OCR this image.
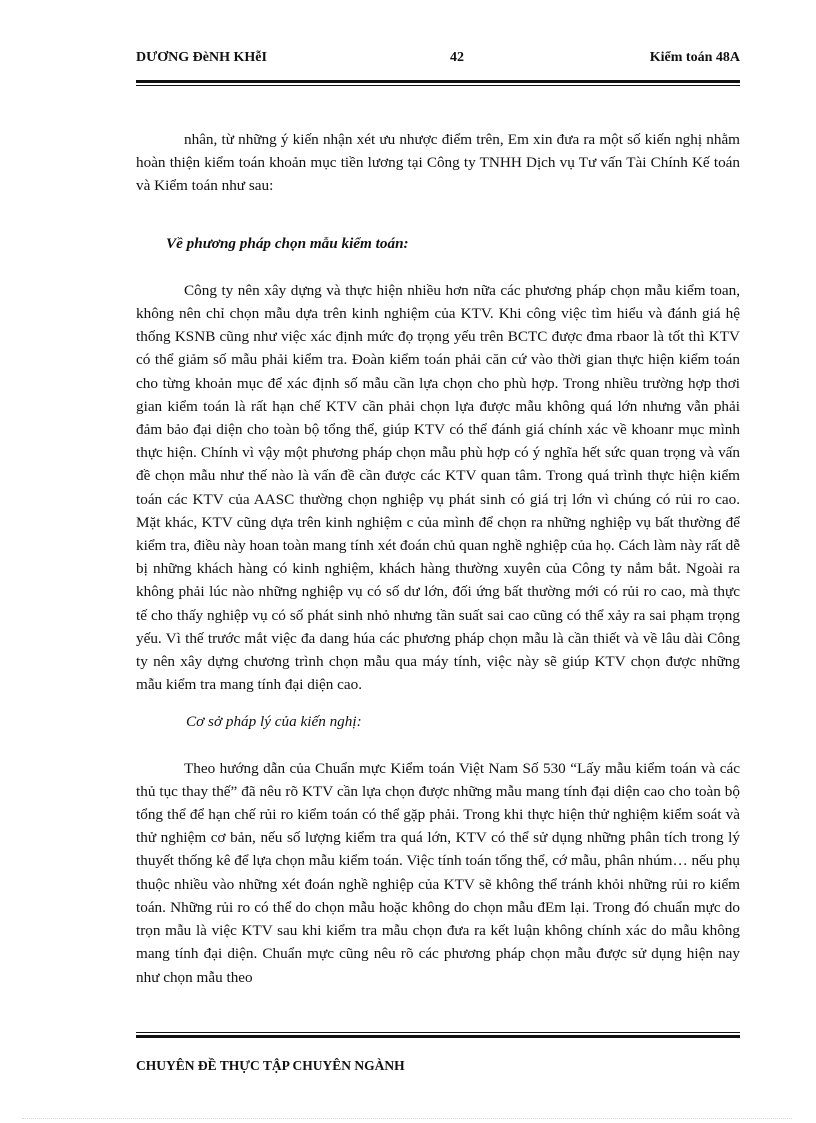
DƯƠNG ĐèNH KHễI	42	Kiểm toán 48A

nhân, từ những ý kiến nhận xét ưu nhược điểm trên, Em xin đưa ra một số kiến nghị nhằm hoàn thiện kiểm toán khoản mục tiền lương tại Công ty TNHH Dịch vụ Tư vấn Tài Chính Kế toán và Kiểm toán như sau:

Về phương pháp chọn mẫu kiểm toán:

Công ty nên xây dựng và thực hiện nhiều hơn nữa các phương pháp chọn mẫu kiểm toan, không nên chỉ chọn mẫu dựa trên kinh nghiệm của KTV. Khi công việc tìm hiểu và đánh giá hệ thống KSNB cũng như việc xác định mức đọ trọng yếu trên BCTC được đma rbaor là tốt thì KTV có thể giảm số mẫu phải kiểm tra. Đoàn kiểm toán phải căn cứ vào thời gian thực hiện kiểm toán cho từng khoản mục để xác định số mẫu cần lựa chọn cho phù hợp. Trong nhiều trường hợp thơi gian kiểm toán là rất hạn chế KTV cần phải chọn lựa được mẫu không quá lớn nhưng vẫn phải đảm bảo đại diện cho toàn bộ tổng thể, giúp KTV có thể đánh giá chính xác về khoanr mục mình thực hiện. Chính vì vậy một phương pháp chọn mẫu phù hợp có ý nghĩa hết sức quan trọng và vấn đề chọn mẫu như thế nào là vấn đề cần được các KTV quan tâm. Trong quá trình thực hiện kiểm toán các KTV của AASC thường chọn nghiệp vụ phát sinh có giá trị lớn vì chúng có rủi ro cao. Mặt khác, KTV cũng dựa trên kinh nghiệm c của mình để chọn ra những nghiệp vụ bất thường để kiểm tra, điều này hoan toàn mang tính xét đoán chủ quan nghề nghiệp của họ. Cách làm này rất dễ bị những khách hàng có kinh nghiệm, khách hàng thường xuyên của Công ty nắm bắt. Ngoài ra không phải lúc nào những nghiệp vụ có số dư lớn, đối ứng bất thường mới có rủi ro cao, mà thực tế cho thấy nghiệp vụ có số phát sinh nhỏ nhưng tần suất sai cao cũng có thể xảy ra sai phạm trọng yếu. Vì thế trước mắt việc đa dang húa các phương pháp chọn mẫu là cần thiết và về lâu dài Công ty nên xây dựng chương trình chọn mẫu qua máy tính, việc này sẽ giúp KTV chọn được những mẫu kiểm tra mang tính đại diện cao.

Cơ sở pháp lý của kiến nghị:

Theo hướng dẫn của Chuẩn mực Kiểm toán Việt Nam Số 530 “Lấy mẫu kiểm toán và các thủ tục thay thế” đã nêu rõ KTV cần lựa chọn được những mẫu mang tính đại diện cao cho toàn bộ tổng thể để hạn chế rủi ro kiểm toán có thể gặp phải. Trong khi thực hiện thử nghiệm kiểm soát và thử nghiệm cơ bản, nếu số lượng kiểm tra quá lớn, KTV có thể sử dụng những phân tích trong lý thuyết thống kê để lựa chọn mẫu kiểm toán. Việc tính toán tổng thể, cớ mẫu, phân nhúm… nếu phụ thuộc nhiều vào những xét đoán nghề nghiệp của KTV sẽ không thể tránh khỏi những rủi ro kiểm toán. Những rủi ro có thể do chọn mẫu hoặc không do chọn mẫu đEm lại. Trong đó chuẩn mực do trọn mẫu là việc KTV sau khi kiểm tra mẫu chọn đưa ra kết luận không chính xác do mẫu không mang tính đại diện. Chuẩn mực cũng nêu rõ các phương pháp chọn mẫu được sử dụng hiện nay như chọn mẫu theo

CHUYÊN ĐỀ THỰC TẬP CHUYÊN NGÀNH
